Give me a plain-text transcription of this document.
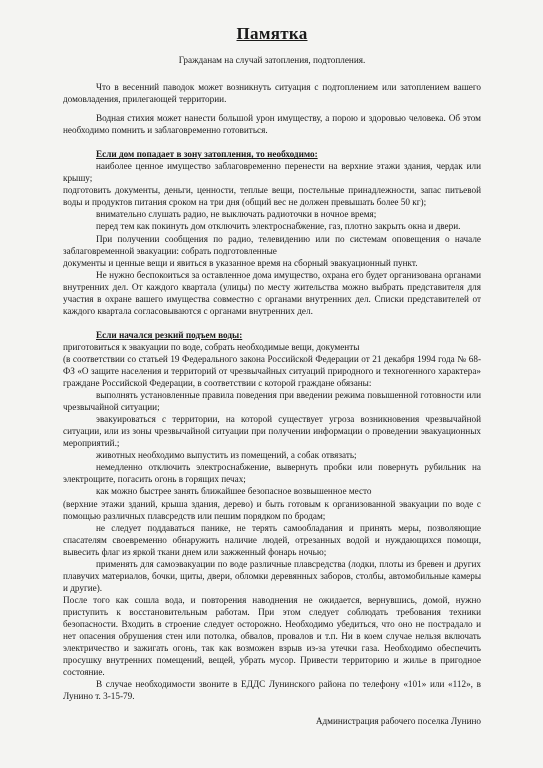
Памятка
Гражданам на случай затопления, подтопления.

Что в весенний паводок может возникнуть ситуация с подтоплением или затоплением вашего домовладения, прилегающей территории.

Водная стихия может нанести большой урон имуществу, а порою и здоровью человека. Об этом необходимо помнить и заблаговременно готовиться.

Если дом попадает в зону затопления, то необходимо:

наиболее ценное имущество заблаговременно перенести на верхние этажи здания, чердак или крышу;

подготовить документы, деньги, ценности, теплые вещи, постельные принадлежности, запас питьевой воды и продуктов питания сроком на три дня (общий вес не должен превышать более 50 кг);

внимательно слушать радио, не выключать радиоточки в ночное время;

перед тем как покинуть дом отключить электроснабжение, газ, плотно закрыть окна и двери.

При получении сообщения по радио, телевидению или по системам оповещения о начале заблаговременной эвакуации: собрать подготовленные

документы и ценные вещи и явиться в указанное время на сборный эвакуационный пункт.

Не нужно беспокоиться за оставленное дома имущество, охрана его будет организована органами внутренних дел. От каждого квартала (улицы) по месту жительства можно выбрать представителя для участия в охране вашего имущества совместно с органами внутренних дел. Списки представителей от каждого квартала согласовываются с органами внутренних дел.

Если начался резкий подъем воды:

приготовиться к эвакуации по воде, собрать необходимые вещи, документы

(в соответствии со статьей 19 Федерального закона Российской Федерации от 21 декабря 1994 года № 68-ФЗ «О защите населения и территорий от чрезвычайных ситуаций природного и техногенного характера» граждане Российской Федерации, в соответствии с которой граждане обязаны:

выполнять установленные правила поведения при введении режима повышенной готовности или чрезвычайной ситуации;

эвакуироваться с территории, на которой существует угроза возникновения чрезвычайной ситуации, или из зоны чрезвычайной ситуации при получении информации о проведении эвакуационных мероприятий.;

животных необходимо выпустить из помещений, а собак отвязать;

немедленно отключить электроснабжение, вывернуть пробки или повернуть рубильник на электрощите, погасить огонь в горящих печах;

как можно быстрее занять ближайшее безопасное возвышенное место

(верхние этажи зданий, крыша здания, дерево) и быть готовым к организованной эвакуации по воде с помощью различных плавсредств или пешим порядком по бродам;

не следует поддаваться панике, не терять самообладания и принять меры, позволяющие спасателям своевременно обнаружить наличие людей, отрезанных водой и нуждающихся помощи, вывесить флаг из яркой ткани днем или зажженный фонарь ночью;

применять для самоэвакуации по воде различные плавсредства (лодки, плоты из бревен и других плавучих материалов, бочки, щиты, двери, обломки деревянных заборов, столбы, автомобильные камеры и другие).

После того как сошла вода, и повторения наводнения не ожидается, вернувшись, домой, нужно приступить к восстановительным работам. При этом следует соблюдать требования техники безопасности. Входить в строение следует осторожно. Необходимо убедиться, что оно не пострадало и нет опасения обрушения стен или потолка, обвалов, провалов и т.п. Ни в коем случае нельзя включать электричество и зажигать огонь, так как возможен взрыв из-за утечки газа. Необходимо обеспечить просушку внутренних помещений, вещей, убрать мусор. Привести территорию и жилье в пригодное состояние.

В случае необходимости звоните в ЕДДС Лунинского района по телефону «101» или «112», в Лунино т. 3-15-79.

Администрация рабочего поселка Лунино
